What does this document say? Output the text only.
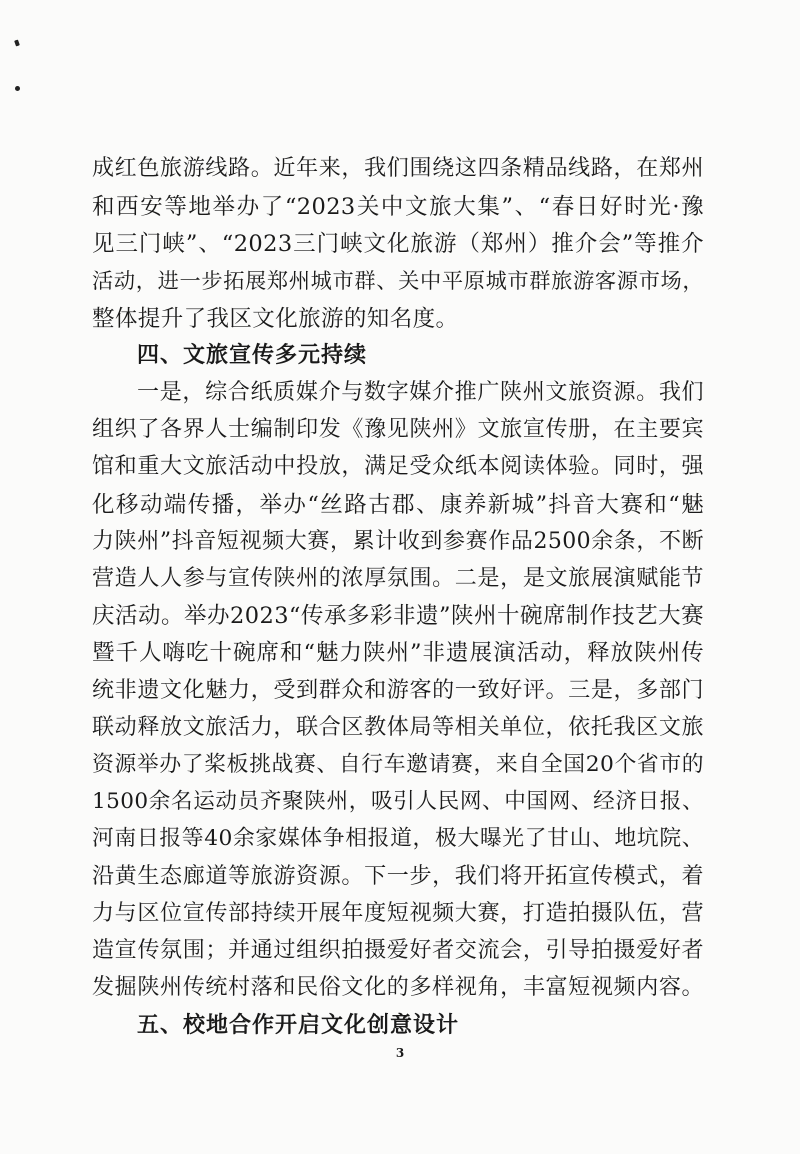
成红色旅游线路。近年来，我们围绕这四条精品线路，在郑州
和西安等地举办了“2023关中文旅大集”、“春日好时光·豫
见三门峡”、“2023三门峡文化旅游（郑州）推介会”等推介
活动，进一步拓展郑州城市群、关中平原城市群旅游客源市场，
整体提升了我区文化旅游的知名度。
四、文旅宣传多元持续
一是，综合纸质媒介与数字媒介推广陕州文旅资源。我们
组织了各界人士编制印发《豫见陕州》文旅宣传册，在主要宾
馆和重大文旅活动中投放，满足受众纸本阅读体验。同时，强
化移动端传播，举办“丝路古郡、康养新城”抖音大赛和“魅
力陕州”抖音短视频大赛，累计收到参赛作品2500余条，不断
营造人人参与宣传陕州的浓厚氛围。二是，是文旅展演赋能节
庆活动。举办2023“传承多彩非遗”陕州十碗席制作技艺大赛
暨千人嗨吃十碗席和“魅力陕州”非遗展演活动，释放陕州传
统非遗文化魅力，受到群众和游客的一致好评。三是，多部门
联动释放文旅活力，联合区教体局等相关单位，依托我区文旅
资源举办了桨板挑战赛、自行车邀请赛，来自全国20个省市的
1500余名运动员齐聚陕州，吸引人民网、中国网、经济日报、
河南日报等40余家媒体争相报道，极大曝光了甘山、地坑院、
沿黄生态廊道等旅游资源。下一步，我们将开拓宣传模式，着
力与区位宣传部持续开展年度短视频大赛，打造拍摄队伍，营
造宣传氛围；并通过组织拍摄爱好者交流会，引导拍摄爱好者
发掘陕州传统村落和民俗文化的多样视角，丰富短视频内容。
五、校地合作开启文化创意设计
3
